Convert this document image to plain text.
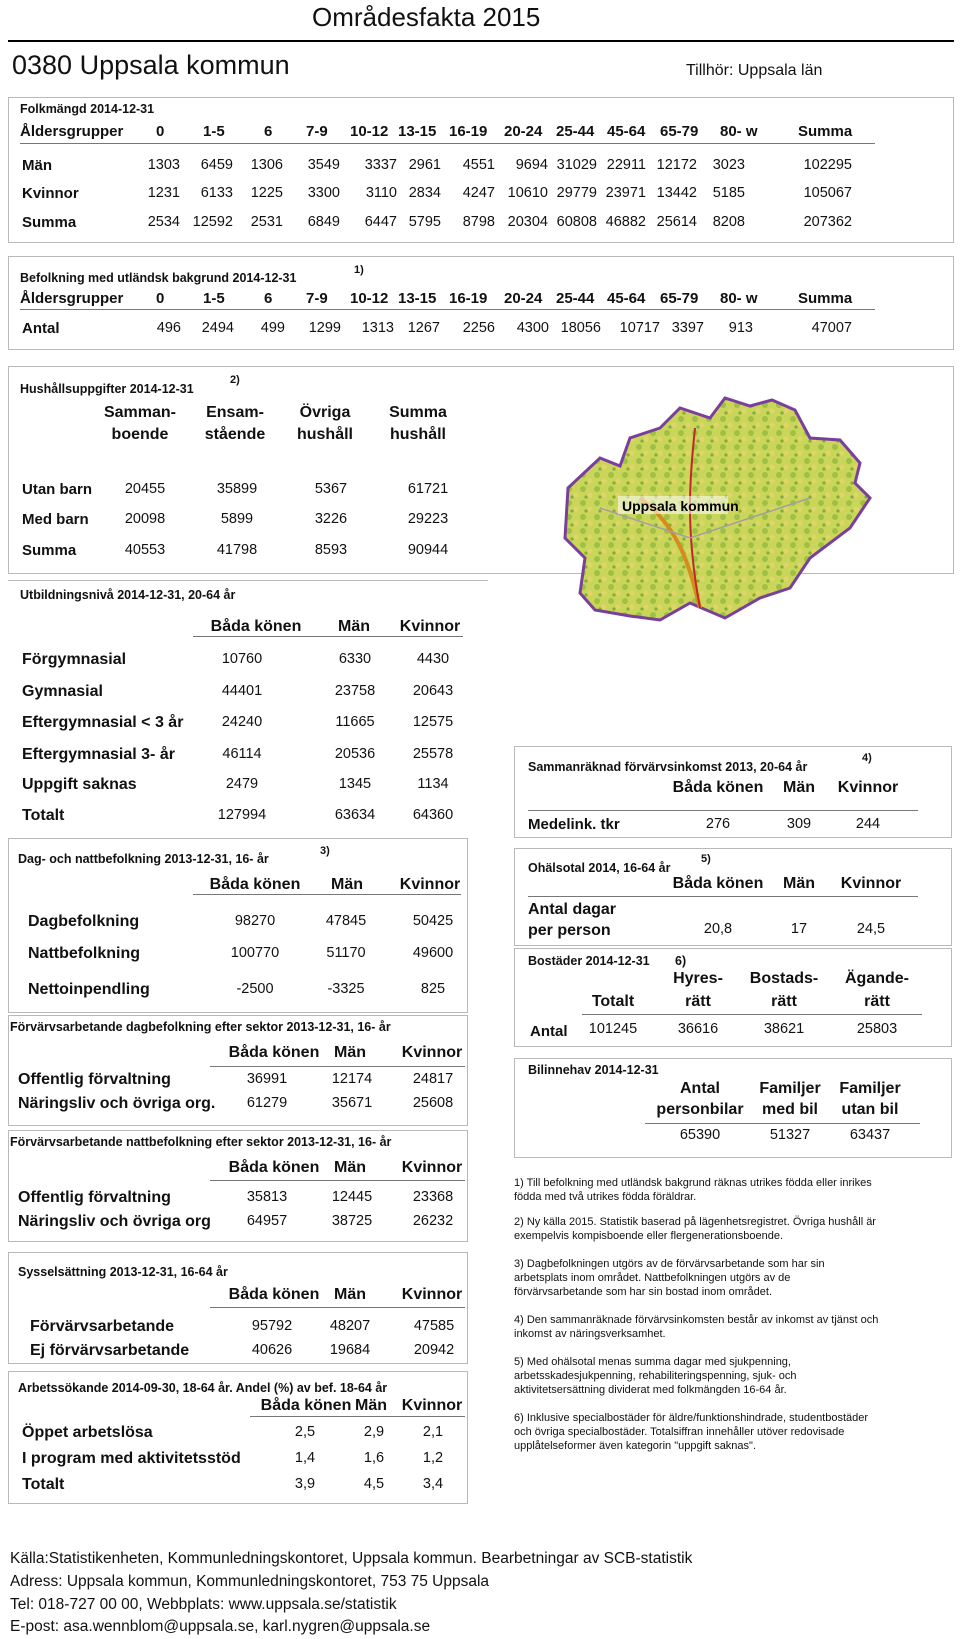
Områdesfakta 2015
0380 Uppsala kommun	Tillhör: Uppsala län
Folkmängd 2014-12-31
Åldersgrupper 0	1-5	6 7-9 10-12 13-15 16-19 20-24 25-44 45-64 65-79 80- w	Summa
Män	1303 6459 1306 3549 3337 2961 4551 9694 31029 22911 12172 3023	102295
Kvinnor	1231 6133 1225 3300 3110 2834 4247 10610 29779 23971 13442 5185	105067
Summa	2534 12592 2531 6849 6447 5795 8798 20304 60808 46882 25614 8208	207362
Befolkning med utländsk bakgrund 2014-12-31
1)
Åldersgrupper 0	1-5	6 7-9 10-12 13-15 16-19 20-24 25-44 45-64 65-79 80- w	Summa
Antal	496 2494 499 1299 1313 1267 2256 4300 18056 10717 3397 913	47007
Hushållsuppgifter 2014-12-31
2)
Samman-
boende
Ensam-
stående
Övriga
hushåll
Summa
hushåll
Utan barn	20455	35899	5367	61721
Med barn	20098	5899	3226	29223
Summa	40553	41798	8593	90944
Uppsala kommun
Utbildningsnivå 2014-12-31, 20-64 år
Båda könen	Män	Kvinnor
Förgymnasial	10760	6330	4430
Gymnasial	44401	23758	20643
Eftergymnasial < 3 år	24240	11665	12575
Eftergymnasial 3- år	46114	20536	25578
Uppgift saknas	2479	1345	1134
Totalt	127994	63634	64360
Dag- och nattbefolkning 2013-12-31, 16- år
3)
Båda könen	Män	Kvinnor
Dagbefolkning	98270	47845	50425
Nattbefolkning	100770	51170	49600
Nettoinpendling	-2500	-3325	825
Förvärvsarbetande dagbefolkning efter sektor 2013-12-31, 16- år
Båda könen Män	Kvinnor
Offentlig förvaltning	36991	12174	24817
Näringsliv och övriga org.	61279	35671	25608
Förvärvsarbetande nattbefolkning efter sektor 2013-12-31, 16- år
Båda könen Män	Kvinnor
Offentlig förvaltning	35813	12445	23368
Näringsliv och övriga org	64957	38725	26232
Sysselsättning 2013-12-31, 16-64 år
Båda könen Män	Kvinnor
Förvärvsarbetande	95792	48207	47585
Ej förvärvsarbetande	40626	19684	20942
Arbetssökande 2014-09-30, 18-64 år. Andel (%) av bef. 18-64 år
Båda könen Män Kvinnor
Öppet arbetslösa	2,5	2,9	2,1
I program med aktivitetsstöd	1,4	1,6	1,2
Totalt	3,9	4,5	3,4
Sammanräknad förvärvsinkomst 2013, 20-64 år
4)
Båda könen	Män	Kvinnor
Medelink. tkr	276	309	244
Ohälsotal 2014, 16-64 år
5)
Båda könen	Män	Kvinnor
Antal dagar
per person	20,8	17	24,5
Bostäder 2014-12-31 6)
Totalt
Hyres-
rätt
Bostads-
rätt
Ägande-
rätt
Antal	101245	36616	38621	25803
Bilinnehav 2014-12-31
Antal
personbilar
Familjer
med bil
Familjer
utan bil
65390	51327	63437
1) Till befolkning med utländsk bakgrund räknas utrikes födda eller inrikes födda med två utrikes födda föräldrar.
2) Ny källa 2015. Statistik baserad på lägenhetsregistret. Övriga hushåll är exempelvis kompisboende eller flergenerationsboende.
3) Dagbefolkningen utgörs av de förvärvsarbetande som har sin arbetsplats inom området. Nattbefolkningen utgörs av de förvärvsarbetande som har sin bostad inom området.
4) Den sammanräknade förvärvsinkomsten består av inkomst av tjänst och inkomst av näringsverksamhet.
5) Med ohälsotal menas summa dagar med sjukpenning, arbetsskadesjukpenning, rehabiliteringspenning, sjuk- och aktivitetsersättning dividerat med folkmängden 16-64 år.
6) Inklusive specialbostäder för äldre/funktionshindrade, studentbostäder och övriga specialbostäder. Totalsiffran innehåller utöver redovisade upplåtelseformer även kategorin "uppgift saknas".
Källa:Statistikenheten, Kommunledningskontoret, Uppsala kommun. Bearbetningar av SCB-statistik
Adress: Uppsala kommun, Kommunledningskontoret, 753 75 Uppsala
Tel: 018-727 00 00, Webbplats: www.uppsala.se/statistik
E-post: asa.wennblom@uppsala.se, karl.nygren@uppsala.se
